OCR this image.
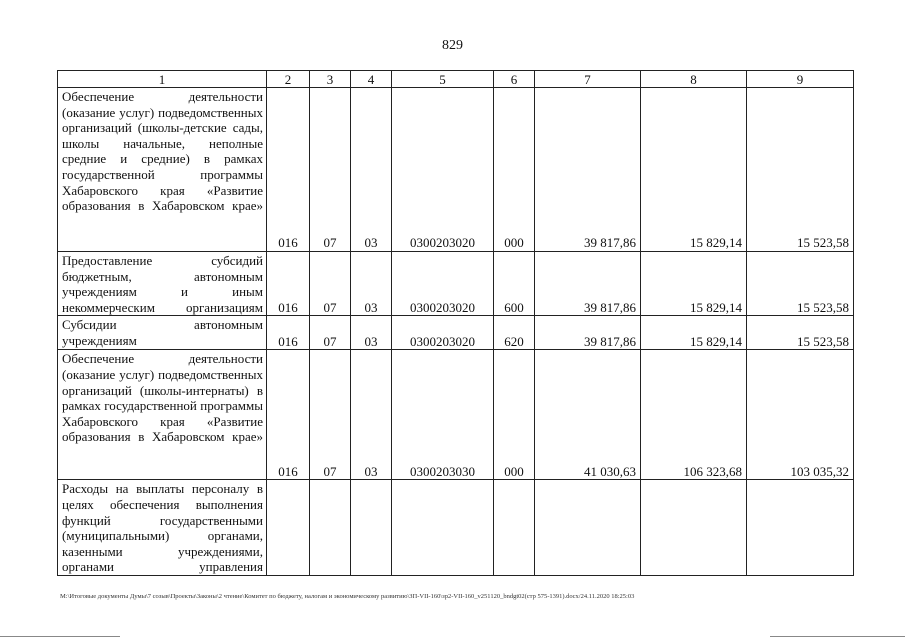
829
1	2	3	4	5	6	7	8	9
Обеспечение деятельности (оказание услуг) подведомственных организаций (школы-детские сады, школы начальные, неполные средние и средние) в рамках государственной программы Хабаровского края «Развитие образования в Хабаровском крае»	016	07	03	0300203020	000	39 817,86	15 829,14	15 523,58
Предоставление субсидий бюджетным, автономным учреждениям и иным некоммерческим организациям	016	07	03	0300203020	600	39 817,86	15 829,14	15 523,58
Субсидии автономным учреждениям	016	07	03	0300203020	620	39 817,86	15 829,14	15 523,58
Обеспечение деятельности (оказание услуг) подведомственных организаций (школы-интернаты) в рамках государственной программы Хабаровского края «Развитие образования в Хабаровском крае»	016	07	03	0300203030	000	41 030,63	106 323,68	103 035,32
Расходы на выплаты персоналу в целях обеспечения выполнения функций государственными (муниципальными) органами, казенными учреждениями, органами управления								
M:\Итоговые документы Думы\7 созыв\Проекты\Законы\2 чтение\Комитет по бюджету, налогам и экономическому развитию\ЗП-VII-160\зр2-VII-160_v251120_bndgt02(стр 575-1391).docx/24.11.2020 18:25:03
